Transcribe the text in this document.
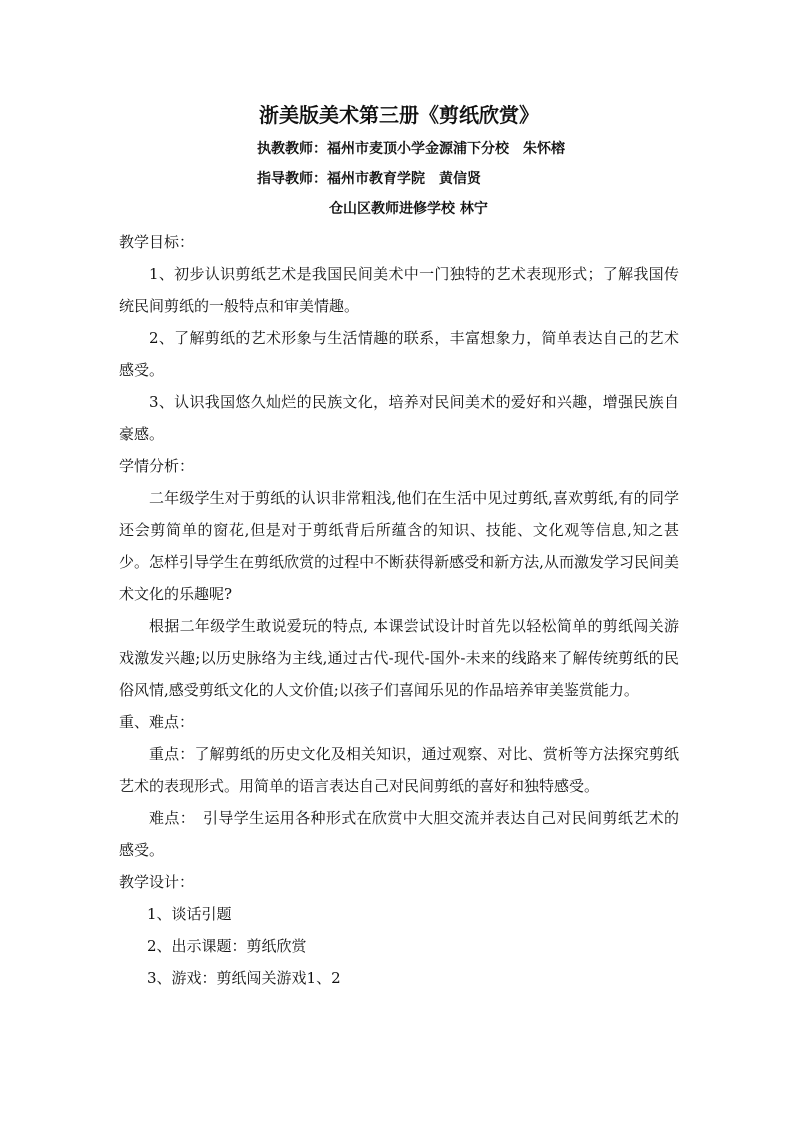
浙美版美术第三册《剪纸欣赏》
执教教师：福州市麦顶小学金源浦下分校　朱怀榕
指导教师：福州市教育学院　黄信贤
仓山区教师进修学校 林宁
教学目标：
1、初步认识剪纸艺术是我国民间美术中一门独特的艺术表现形式；了解我国传统民间剪纸的一般特点和审美情趣。
2、了解剪纸的艺术形象与生活情趣的联系，丰富想象力，简单表达自己的艺术感受。
3、认识我国悠久灿烂的民族文化，培养对民间美术的爱好和兴趣，增强民族自豪感。
学情分析：
二年级学生对于剪纸的认识非常粗浅,他们在生活中见过剪纸,喜欢剪纸,有的同学还会剪简单的窗花,但是对于剪纸背后所蕴含的知识、技能、文化观等信息,知之甚少。怎样引导学生在剪纸欣赏的过程中不断获得新感受和新方法,从而激发学习民间美术文化的乐趣呢?
根据二年级学生敢说爱玩的特点, 本课尝试设计时首先以轻松简单的剪纸闯关游戏激发兴趣;以历史脉络为主线,通过古代-现代-国外-未来的线路来了解传统剪纸的民俗风情,感受剪纸文化的人文价值;以孩子们喜闻乐见的作品培养审美鉴赏能力。
重、难点：
重点：了解剪纸的历史文化及相关知识，通过观察、对比、赏析等方法探究剪纸艺术的表现形式。用简单的语言表达自己对民间剪纸的喜好和独特感受。
难点：　引导学生运用各种形式在欣赏中大胆交流并表达自己对民间剪纸艺术的感受。
教学设计：
1、谈话引题
2、出示课题：剪纸欣赏
3、游戏：剪纸闯关游戏1、2
